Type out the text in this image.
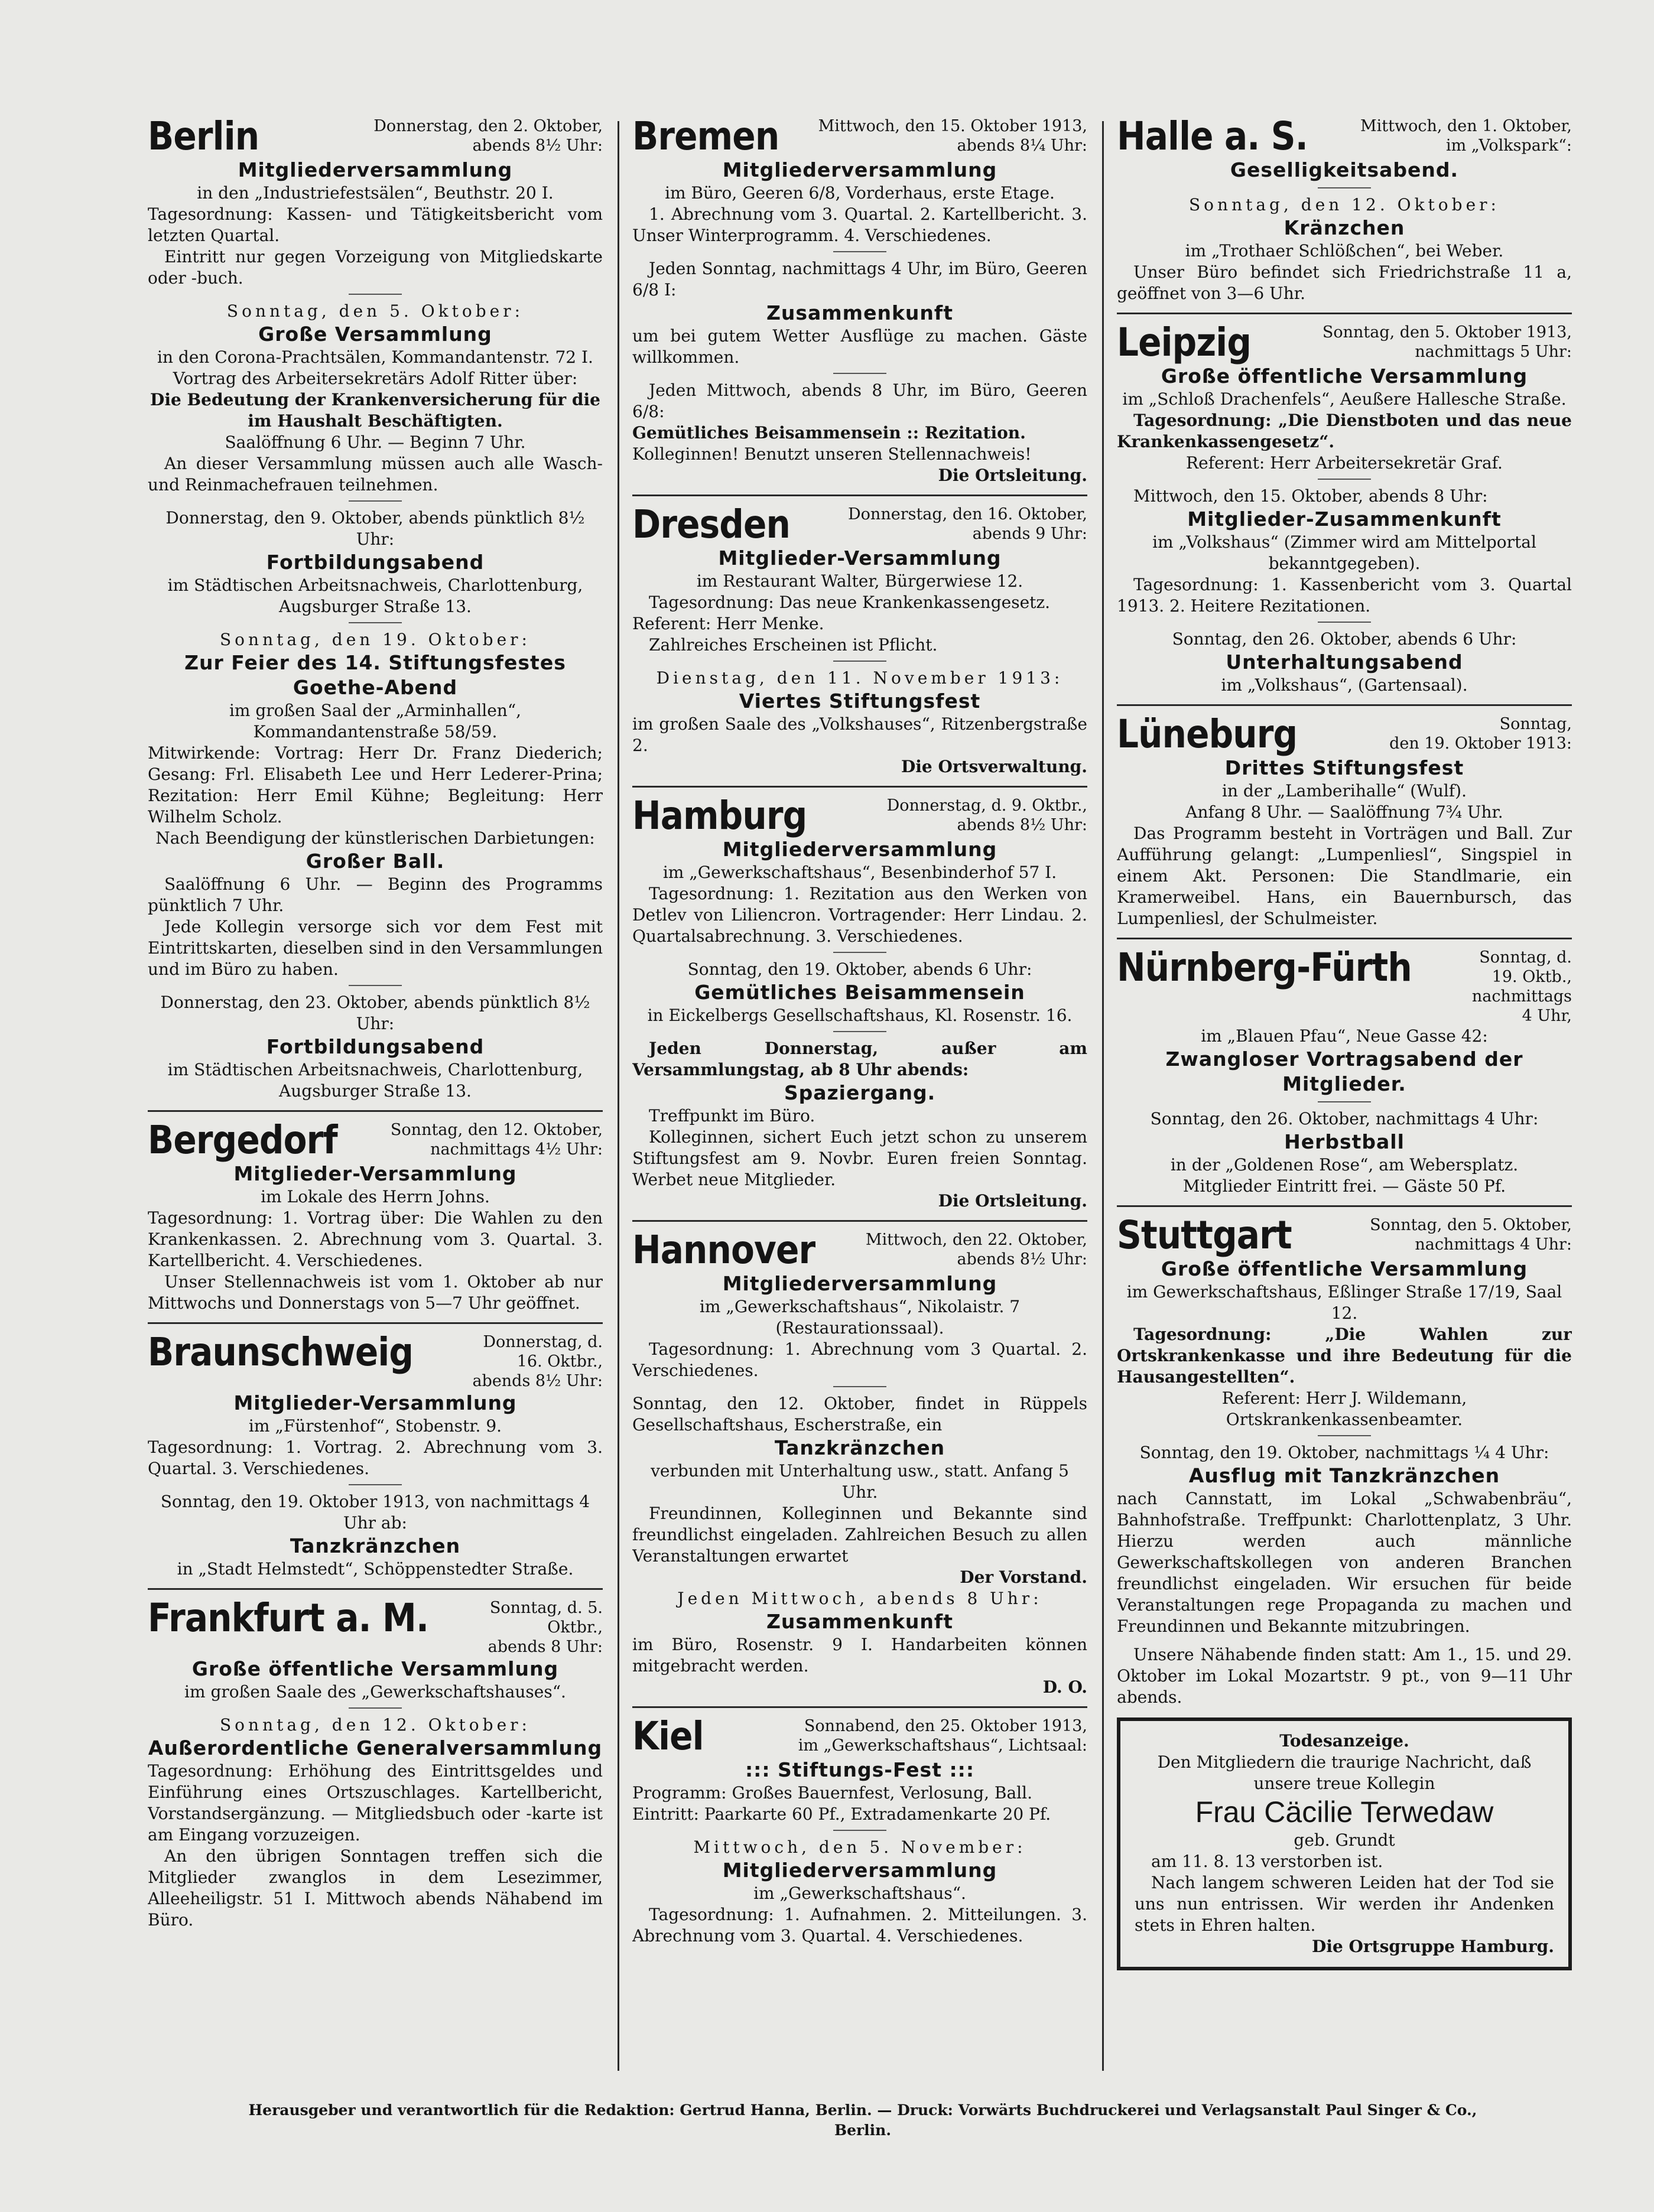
Berlin	Donnerstag, den 2. Oktober,
abends 8½ Uhr:
Mitgliederversammlung
in den „Industriefestsälen“, Beuthstr. 20 I.
Tagesordnung: Kassen- und Tätigkeitsbericht vom letzten Quartal.
Eintritt nur gegen Vorzeigung von Mitgliedskarte oder -buch.
Sonntag, den 5. Oktober:
Große Versammlung
in den Corona-Prachtsälen, Kommandantenstr. 72 I.
Vortrag des Arbeitersekretärs Adolf Ritter über:
Die Bedeutung der Krankenversicherung für die im Haushalt Beschäftigten.
Saalöffnung 6 Uhr. — Beginn 7 Uhr.
An dieser Versammlung müssen auch alle Wasch- und Reinmachefrauen teilnehmen.
Donnerstag, den 9. Oktober, abends pünktlich 8½ Uhr:
Fortbildungsabend
im Städtischen Arbeitsnachweis, Charlottenburg, Augsburger Straße 13.
Sonntag, den 19. Oktober:
Zur Feier des 14. Stiftungsfestes Goethe-Abend
im großen Saal der „Arminhallen“, Kommandantenstraße 58/59.
Mitwirkende: Vortrag: Herr Dr. Franz Diederich; Gesang: Frl. Elisabeth Lee und Herr Lederer-Prina; Rezitation: Herr Emil Kühne; Begleitung: Herr Wilhelm Scholz.
Nach Beendigung der künstlerischen Darbietungen:
Großer Ball.
Saalöffnung 6 Uhr. — Beginn des Programms pünktlich 7 Uhr.
Jede Kollegin versorge sich vor dem Fest mit Eintrittskarten, dieselben sind in den Versammlungen und im Büro zu haben.
Donnerstag, den 23. Oktober, abends pünktlich 8½ Uhr:
Fortbildungsabend
im Städtischen Arbeitsnachweis, Charlottenburg, Augsburger Straße 13.
Bergedorf	Sonntag, den 12. Oktober,
nachmittags 4½ Uhr:
Mitglieder-Versammlung
im Lokale des Herrn Johns.
Tagesordnung: 1. Vortrag über: Die Wahlen zu den Krankenkassen. 2. Abrechnung vom 3. Quartal. 3. Kartellbericht. 4. Verschiedenes.
Unser Stellennachweis ist vom 1. Oktober ab nur Mittwochs und Donnerstags von 5—7 Uhr geöffnet.
Braunschweig	Donnerstag, d. 16. Oktbr.,
abends 8½ Uhr:
Mitglieder-Versammlung
im „Fürstenhof“, Stobenstr. 9.
Tagesordnung: 1. Vortrag. 2. Abrechnung vom 3. Quartal. 3. Verschiedenes.
Sonntag, den 19. Oktober 1913, von nachmittags 4 Uhr ab:
Tanzkränzchen
in „Stadt Helmstedt“, Schöppenstedter Straße.
Frankfurt a. M.	Sonntag, d. 5. Oktbr.,
abends 8 Uhr:
Große öffentliche Versammlung
im großen Saale des „Gewerkschaftshauses“.
Sonntag, den 12. Oktober:
Außerordentliche Generalversammlung
Tagesordnung: Erhöhung des Eintrittsgeldes und Einführung eines Ortszuschlages. Kartellbericht, Vorstandsergänzung. — Mitgliedsbuch oder -karte ist am Eingang vorzuzeigen.
An den übrigen Sonntagen treffen sich die Mitglieder zwanglos in dem Lesezimmer, Alleeheiligstr. 51 I. Mittwoch abends Nähabend im Büro.
Bremen	Mittwoch, den 15. Oktober 1913,
abends 8¼ Uhr:
Mitgliederversammlung
im Büro, Geeren 6/8, Vorderhaus, erste Etage.
1. Abrechnung vom 3. Quartal. 2. Kartellbericht. 3. Unser Winterprogramm. 4. Verschiedenes.
Jeden Sonntag, nachmittags 4 Uhr, im Büro, Geeren 6/8 I:
Zusammenkunft
um bei gutem Wetter Ausflüge zu machen. Gäste willkommen.
Jeden Mittwoch, abends 8 Uhr, im Büro, Geeren 6/8:
Gemütliches Beisammensein :: Rezitation.
Kolleginnen! Benutzt unseren Stellennachweis!
Die Ortsleitung.
Dresden	Donnerstag, den 16. Oktober,
abends 9 Uhr:
Mitglieder-Versammlung
im Restaurant Walter, Bürgerwiese 12.
Tagesordnung: Das neue Krankenkassengesetz.
Referent: Herr Menke.
Zahlreiches Erscheinen ist Pflicht.
Dienstag, den 11. November 1913:
Viertes Stiftungsfest
im großen Saale des „Volkshauses“, Ritzenbergstraße 2.
Die Ortsverwaltung.
Hamburg	Donnerstag, d. 9. Oktbr.,
abends 8½ Uhr:
Mitgliederversammlung
im „Gewerkschaftshaus“, Besenbinderhof 57 I.
Tagesordnung: 1. Rezitation aus den Werken von Detlev von Liliencron. Vortragender: Herr Lindau. 2. Quartalsabrechnung. 3. Verschiedenes.
Sonntag, den 19. Oktober, abends 6 Uhr:
Gemütliches Beisammensein
in Eickelbergs Gesellschaftshaus, Kl. Rosenstr. 16.
Jeden Donnerstag, außer am Versammlungstag, ab 8 Uhr abends:
Spaziergang.
Treffpunkt im Büro.
Kolleginnen, sichert Euch jetzt schon zu unserem Stiftungsfest am 9. Novbr. Euren freien Sonntag. Werbet neue Mitglieder.
Die Ortsleitung.
Hannover	Mittwoch, den 22. Oktober,
abends 8½ Uhr:
Mitgliederversammlung
im „Gewerkschaftshaus“, Nikolaistr. 7 (Restaurationssaal).
Tagesordnung: 1. Abrechnung vom 3 Quartal. 2. Verschiedenes.
Sonntag, den 12. Oktober, findet in Rüppels Gesellschaftshaus, Escherstraße, ein
Tanzkränzchen
verbunden mit Unterhaltung usw., statt. Anfang 5 Uhr.
Freundinnen, Kolleginnen und Bekannte sind freundlichst eingeladen. Zahlreichen Besuch zu allen Veranstaltungen erwartet
Der Vorstand.
Jeden Mittwoch, abends 8 Uhr:
Zusammenkunft
im Büro, Rosenstr. 9 I. Handarbeiten können mitgebracht werden.
D. O.
Kiel	Sonnabend, den 25. Oktober 1913,
im „Gewerkschaftshaus“, Lichtsaal:
::: Stiftungs-Fest :::
Programm: Großes Bauernfest, Verlosung, Ball.
Eintritt: Paarkarte 60 Pf., Extradamenkarte 20 Pf.
Mittwoch, den 5. November:
Mitgliederversammlung
im „Gewerkschaftshaus“.
Tagesordnung: 1. Aufnahmen. 2. Mitteilungen. 3. Abrechnung vom 3. Quartal. 4. Verschiedenes.
Halle a. S.	Mittwoch, den 1. Oktober,
im „Volkspark“:
Geselligkeitsabend.
Sonntag, den 12. Oktober:
Kränzchen
im „Trothaer Schlößchen“, bei Weber.
Unser Büro befindet sich Friedrichstraße 11 a, geöffnet von 3—6 Uhr.
Leipzig	Sonntag, den 5. Oktober 1913,
nachmittags 5 Uhr:
Große öffentliche Versammlung
im „Schloß Drachenfels“, Aeußere Hallesche Straße.
Tagesordnung: „Die Dienstboten und das neue Krankenkassengesetz“.
Referent: Herr Arbeitersekretär Graf.
Mittwoch, den 15. Oktober, abends 8 Uhr:
Mitglieder-Zusammenkunft
im „Volkshaus“ (Zimmer wird am Mittelportal bekanntgegeben).
Tagesordnung: 1. Kassenbericht vom 3. Quartal 1913. 2. Heitere Rezitationen.
Sonntag, den 26. Oktober, abends 6 Uhr:
Unterhaltungsabend
im „Volkshaus“, (Gartensaal).
Lüneburg	Sonntag,
den 19. Oktober 1913:
Drittes Stiftungsfest
in der „Lamberihalle“ (Wulf).
Anfang 8 Uhr. — Saalöffnung 7¾ Uhr.
Das Programm besteht in Vorträgen und Ball. Zur Aufführung gelangt: „Lumpenliesl“, Singspiel in einem Akt. Personen: Die Standlmarie, ein Kramerweibel. Hans, ein Bauernbursch, das Lumpenliesl, der Schulmeister.
Nürnberg-Fürth	Sonntag, d. 19. Oktb.,
nachmittags 4 Uhr,
im „Blauen Pfau“, Neue Gasse 42:
Zwangloser Vortragsabend der Mitglieder.
Sonntag, den 26. Oktober, nachmittags 4 Uhr:
Herbstball
in der „Goldenen Rose“, am Webersplatz.
Mitglieder Eintritt frei. — Gäste 50 Pf.
Stuttgart	Sonntag, den 5. Oktober,
nachmittags 4 Uhr:
Große öffentliche Versammlung
im Gewerkschaftshaus, Eßlinger Straße 17/19, Saal 12.
Tagesordnung: „Die Wahlen zur Ortskrankenkasse und ihre Bedeutung für die Hausangestellten“.
Referent: Herr J. Wildemann, Ortskrankenkassenbeamter.
Sonntag, den 19. Oktober, nachmittags ¼ 4 Uhr:
Ausflug mit Tanzkränzchen
nach Cannstatt, im Lokal „Schwabenbräu“, Bahnhofstraße. Treffpunkt: Charlottenplatz, 3 Uhr. Hierzu werden auch männliche Gewerkschaftskollegen von anderen Branchen freundlichst eingeladen. Wir ersuchen für beide Veranstaltungen rege Propaganda zu machen und Freundinnen und Bekannte mitzubringen.
Unsere Nähabende finden statt: Am 1., 15. und 29. Oktober im Lokal Mozartstr. 9 pt., von 9—11 Uhr abends.
Todesanzeige.
Den Mitgliedern die traurige Nachricht, daß unsere treue Kollegin
Frau Cäcilie Terwedaw
geb. Grundt
am 11. 8. 13 verstorben ist.
Nach langem schweren Leiden hat der Tod sie uns nun entrissen. Wir werden ihr Andenken stets in Ehren halten.
Die Ortsgruppe Hamburg.
Herausgeber und verantwortlich für die Redaktion: Gertrud Hanna, Berlin. — Druck: Vorwärts Buchdruckerei und Verlagsanstalt Paul Singer & Co., Berlin.
